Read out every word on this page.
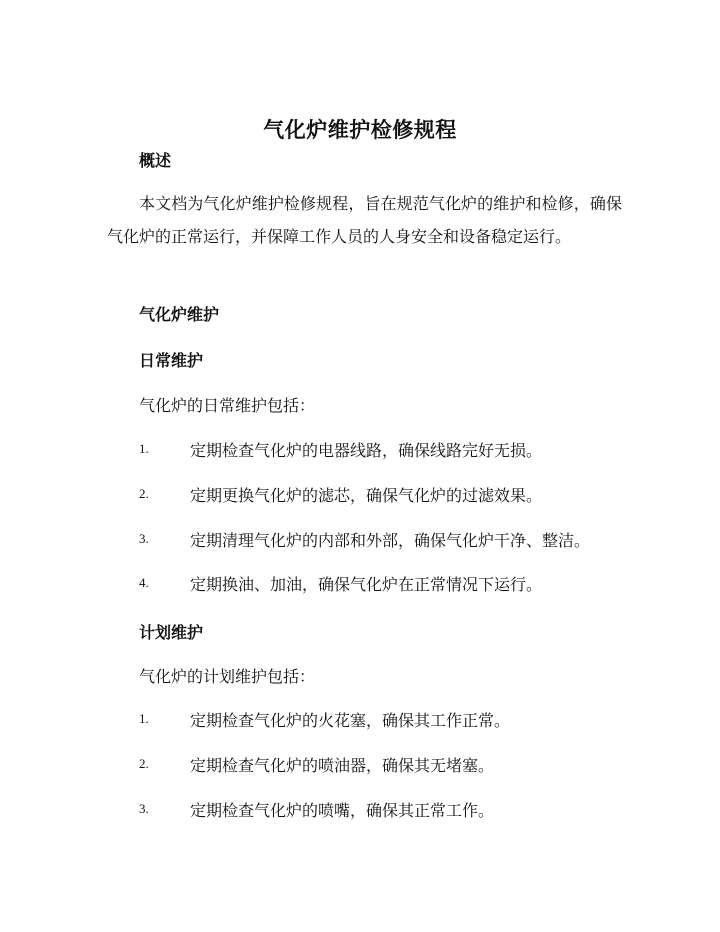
气化炉维护检修规程
概述
本文档为气化炉维护检修规程，旨在规范气化炉的维护和检修，确保气化炉的正常运行，并保障工作人员的人身安全和设备稳定运行。
气化炉维护
日常维护
气化炉的日常维护包括：
1.	定期检查气化炉的电器线路，确保线路完好无损。
2.	定期更换气化炉的滤芯，确保气化炉的过滤效果。
3.	定期清理气化炉的内部和外部，确保气化炉干净、整洁。
4.	定期换油、加油，确保气化炉在正常情况下运行。
计划维护
气化炉的计划维护包括：
1.	定期检查气化炉的火花塞，确保其工作正常。
2.	定期检查气化炉的喷油器，确保其无堵塞。
3.	定期检查气化炉的喷嘴，确保其正常工作。
